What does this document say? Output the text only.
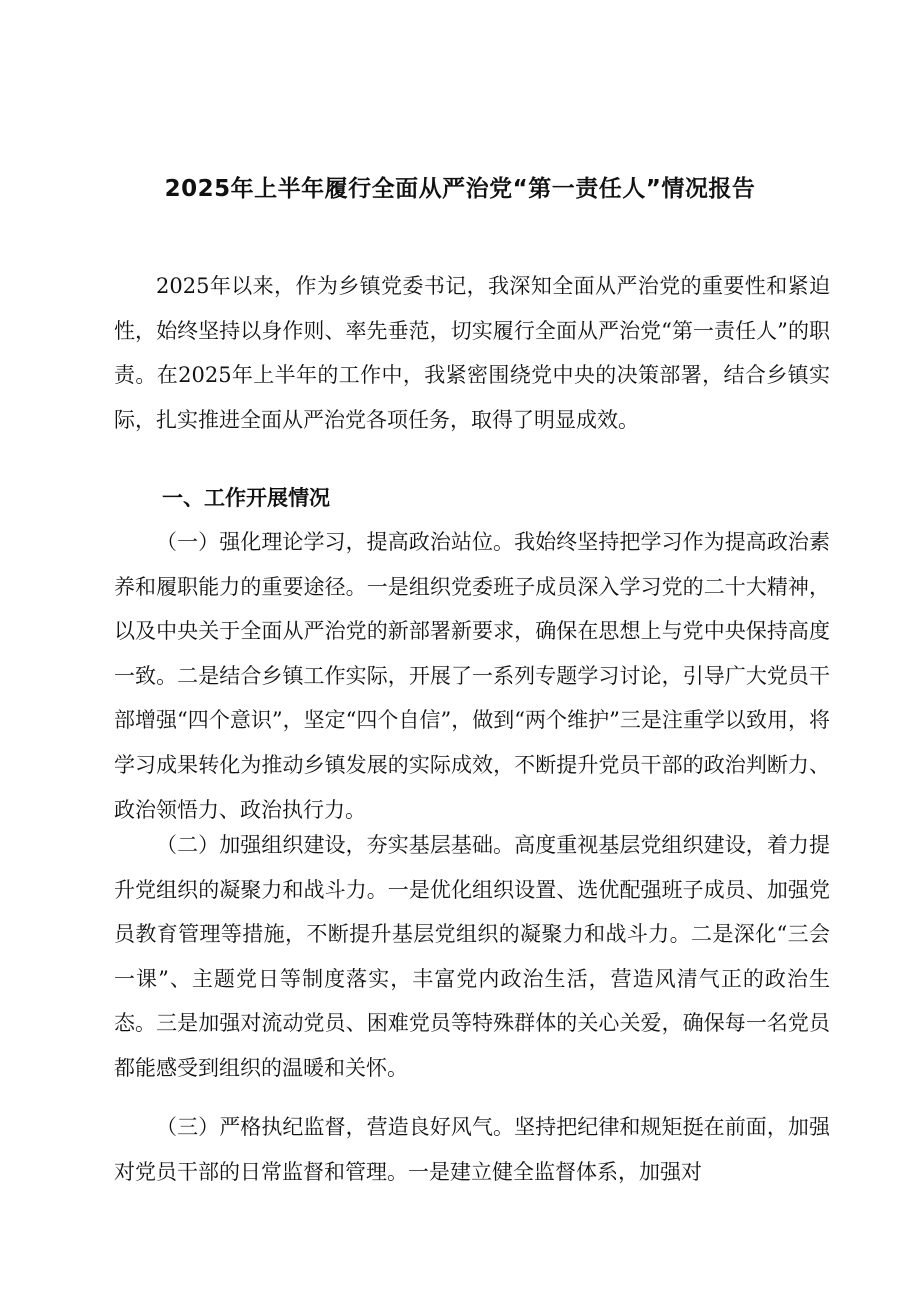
2025年上半年履行全面从严治党“第一责任人”情况报告

2025年以来，作为乡镇党委书记，我深知全面从严治党的重要性和紧迫性，始终坚持以身作则、率先垂范，切实履行全面从严治党“第一责任人”的职责。在2025年上半年的工作中，我紧密围绕党中央的决策部署，结合乡镇实际，扎实推进全面从严治党各项任务，取得了明显成效。

一、工作开展情况

（一）强化理论学习，提高政治站位。我始终坚持把学习作为提高政治素养和履职能力的重要途径。一是组织党委班子成员深入学习党的二十大精神，以及中央关于全面从严治党的新部署新要求，确保在思想上与党中央保持高度一致。二是结合乡镇工作实际，开展了一系列专题学习讨论，引导广大党员干部增强“四个意识”，坚定“四个自信”，做到“两个维护”三是注重学以致用，将学习成果转化为推动乡镇发展的实际成效，不断提升党员干部的政治判断力、政治领悟力、政治执行力。

（二）加强组织建设，夯实基层基础。高度重视基层党组织建设，着力提升党组织的凝聚力和战斗力。一是优化组织设置、选优配强班子成员、加强党员教育管理等措施，不断提升基层党组织的凝聚力和战斗力。二是深化“三会一课”、主题党日等制度落实，丰富党内政治生活，营造风清气正的政治生态。三是加强对流动党员、困难党员等特殊群体的关心关爱，确保每一名党员都能感受到组织的温暖和关怀。

（三）严格执纪监督，营造良好风气。坚持把纪律和规矩挺在前面，加强对党员干部的日常监督和管理。一是建立健全监督体系，加强对
